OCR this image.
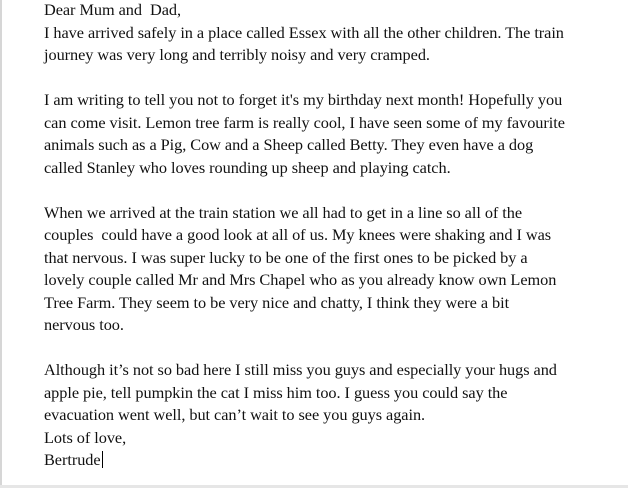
Dear Mum and  Dad,
I have arrived safely in a place called Essex with all the other children. The train
journey was very long and terribly noisy and very cramped.
I am writing to tell you not to forget it's my birthday next month! Hopefully you
can come visit. Lemon tree farm is really cool, I have seen some of my favourite
animals such as a Pig, Cow and a Sheep called Betty. They even have a dog
called Stanley who loves rounding up sheep and playing catch.
When we arrived at the train station we all had to get in a line so all of the
couples  could have a good look at all of us. My knees were shaking and I was
that nervous. I was super lucky to be one of the first ones to be picked by a
lovely couple called Mr and Mrs Chapel who as you already know own Lemon
Tree Farm. They seem to be very nice and chatty, I think they were a bit
nervous too.
Although it’s not so bad here I still miss you guys and especially your hugs and
apple pie, tell pumpkin the cat I miss him too. I guess you could say the
evacuation went well, but can’t wait to see you guys again.
Lots of love,
Bertrude
